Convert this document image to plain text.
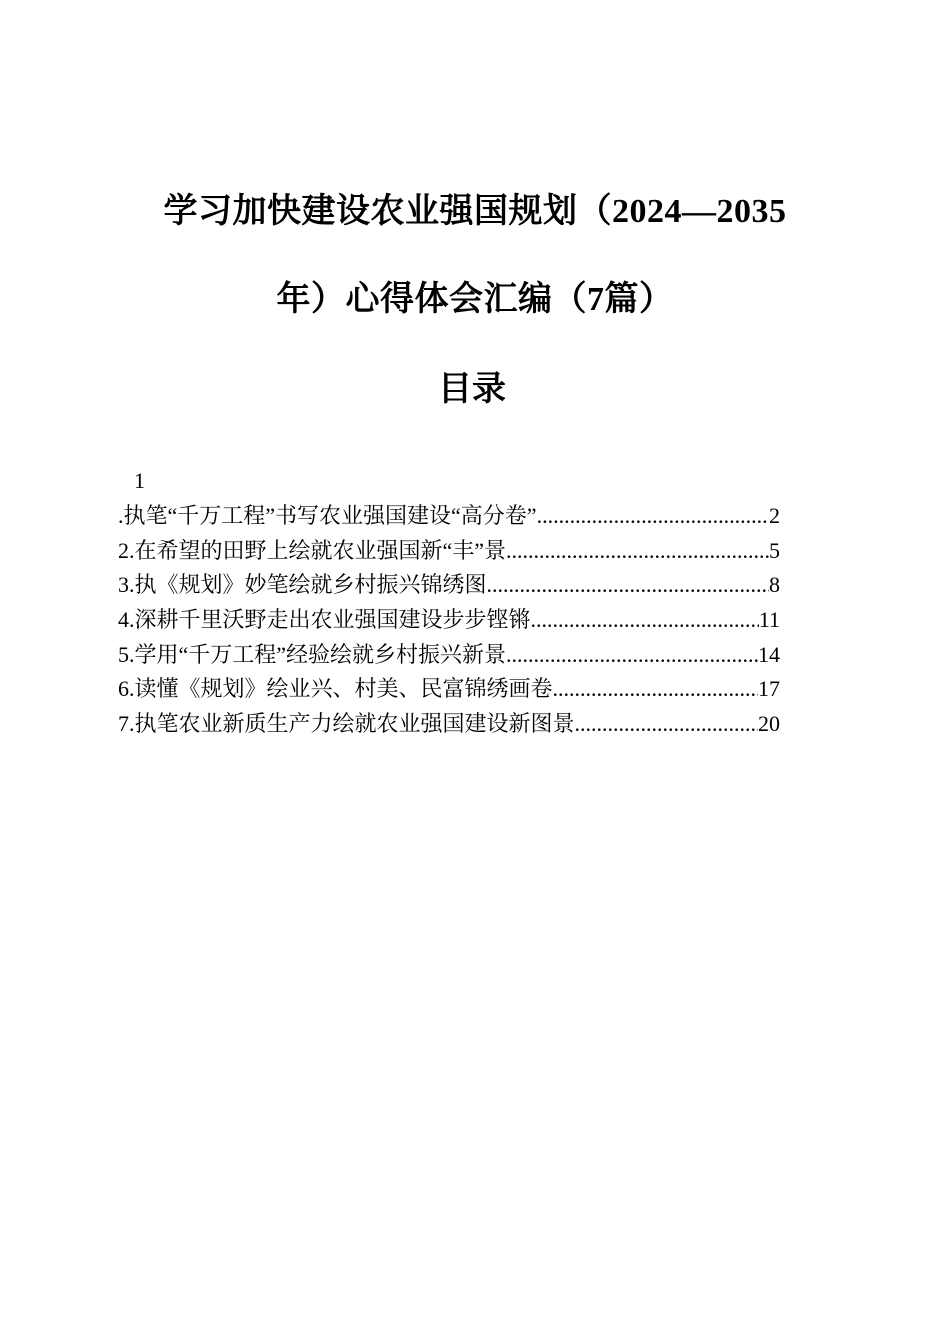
学习加快建设农业强国规划（2024—2035
年）心得体会汇编（7篇）
目录
1
.执笔“千万工程”书写农业强国建设“高分卷” .....	2
2. 在希望的田野上绘就农业强国新“丰”景 .....	5
3. 执《规划》妙笔绘就乡村振兴锦绣图 .....	8
4. 深耕千里沃野走出农业强国建设步步铿锵 .....	11
5. 学用“千万工程”经验绘就乡村振兴新景 .....	14
6. 读懂《规划》绘业兴、村美、民富锦绣画卷 .....	17
7. 执笔农业新质生产力绘就农业强国建设新图景 .....	20
